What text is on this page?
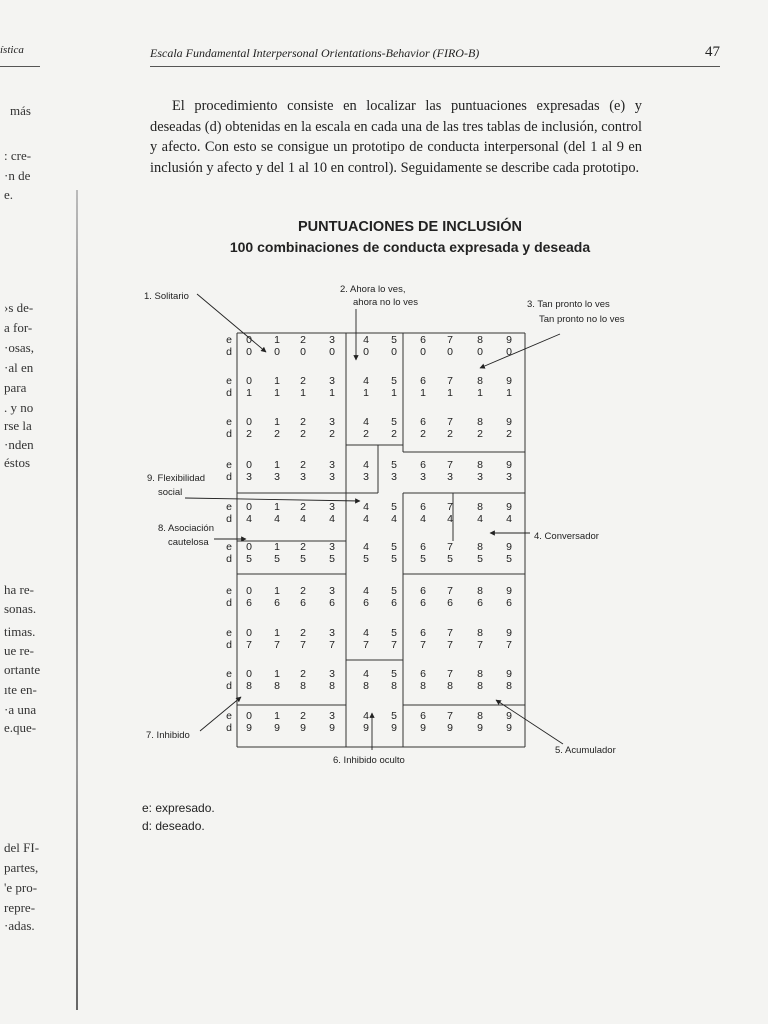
ística
más
: cre-
·n de
e.
›s de-
a for-
·osas,
·al en
para
. y no
rse la
·nden
éstos
ha re-
sonas.
timas.
ue re-
ortante
ıte en-
·a una
e.que-
del FI-
partes,
'e pro-
repre-
·adas.
Escala Fundamental Interpersonal Orientations-Behavior (FIRO-B)	47
El procedimiento consiste en localizar las puntuaciones expresadas (e) y deseadas (d) obtenidas en la escala en cada una de las tres tablas de inclusión, control y afecto. Con esto se consigue un prototipo de conducta interpersonal (del 1 al 9 en inclusión y afecto y del 1 al 10 en control). Seguidamente se describe cada prototipo.
PUNTUACIONES DE INCLUSIÓN
100 combinaciones de conducta expresada y deseada
e
d
0
0
1
0
2
0
3
0
4
0
5
0
6
0
7
0
8
0
9
0
e
d
0
1
1
1
2
1
3
1
4
1
5
1
6
1
7
1
8
1
9
1
e
d
0
2
1
2
2
2
3
2
4
2
5
2
6
2
7
2
8
2
9
2
e
d
0
3
1
3
2
3
3
3
4
3
5
3
6
3
7
3
8
3
9
3
e
d
0
4
1
4
2
4
3
4
4
4
5
4
6
4
7
4
8
4
9
4
e
d
0
5
1
5
2
5
3
5
4
5
5
5
6
5
7
5
8
5
9
5
e
d
0
6
1
6
2
6
3
6
4
6
5
6
6
6
7
6
8
6
9
6
e
d
0
7
1
7
2
7
3
7
4
7
5
7
6
7
7
7
8
7
9
7
e
d
0
8
1
8
2
8
3
8
4
8
5
8
6
8
7
8
8
8
9
8
e
d
0
9
1
9
2
9
3
9
4
9
5
9
6
9
7
9
8
9
9
9
1. Solitario
2. Ahora lo ves,
ahora no lo ves	3. Tan pronto lo ves
Tan pronto no lo ves
4. Conversador
5. Acumulador
6. Inhibido oculto
7. Inhibido
8. Asociación
cautelosa
9. Flexibilidad
social
e: expresado.
d: deseado.
